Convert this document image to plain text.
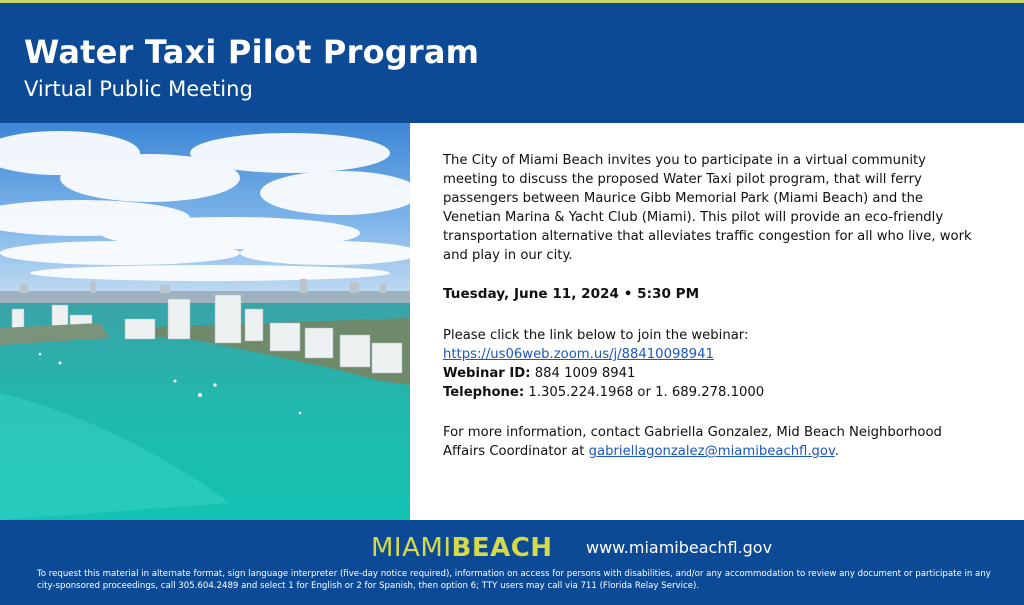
Water Taxi Pilot Program
Virtual Public Meeting

The City of Miami Beach invites you to participate in a virtual community meeting to discuss the proposed Water Taxi pilot program, that will ferry passengers between Maurice Gibb Memorial Park (Miami Beach) and the Venetian Marina & Yacht Club (Miami). This pilot will provide an eco-friendly transportation alternative that alleviates traffic congestion for all who live, work and play in our city.

Tuesday, June 11, 2024 • 5:30 PM

Please click the link below to join the webinar:

https://us06web.zoom.us/j/88410098941

Webinar ID: 884 1009 8941

Telephone: 1.305.224.1968 or 1. 689.278.1000

For more information, contact Gabriella Gonzalez, Mid Beach Neighborhood Affairs Coordinator at gabriellagonzalez@miamibeachfl.gov.

MIAMIBEACH www.miamibeachfl.gov
To request this material in alternate format, sign language interpreter (five-day notice required), information on access for persons with disabilities, and/or any accommodation to review any document or participate in any city-sponsored proceedings, call 305.604.2489 and select 1 for English or 2 for Spanish, then option 6; TTY users may call via 711 (Florida Relay Service).
